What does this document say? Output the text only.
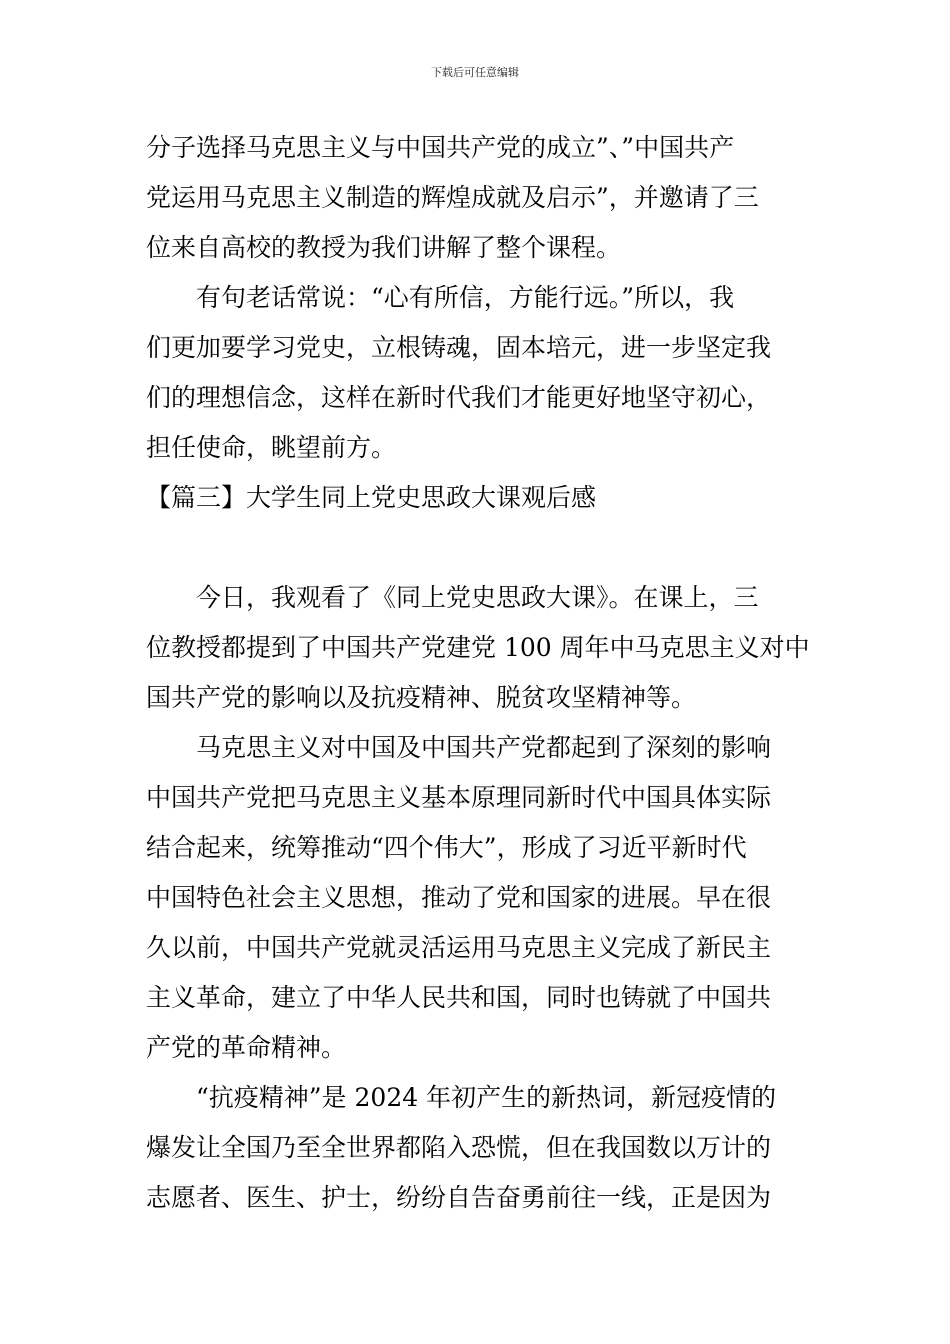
下载后可任意编辑
分子选择马克思主义与中国共产党的成立”、”中国共产
党运用马克思主义制造的辉煌成就及启示”，并邀请了三
位来自高校的教授为我们讲解了整个课程。
有句老话常说：“心有所信，方能行远。”所以，我
们更加要学习党史，立根铸魂，固本培元，进一步坚定我
们的理想信念，这样在新时代我们才能更好地坚守初心，
担任使命，眺望前方。
【篇三】大学生同上党史思政大课观后感
今日，我观看了《同上党史思政大课》。在课上，三
位教授都提到了中国共产党建党 100 周年中马克思主义对中
国共产党的影响以及抗疫精神、脱贫攻坚精神等。
马克思主义对中国及中国共产党都起到了深刻的影响
中国共产党把马克思主义基本原理同新时代中国具体实际
结合起来，统筹推动“四个伟大”，形成了习近平新时代
中国特色社会主义思想，推动了党和国家的进展。早在很
久以前，中国共产党就灵活运用马克思主义完成了新民主
主义革命，建立了中华人民共和国，同时也铸就了中国共
产党的革命精神。
“抗疫精神”是 2024 年初产生的新热词，新冠疫情的
爆发让全国乃至全世界都陷入恐慌，但在我国数以万计的
志愿者、医生、护士，纷纷自告奋勇前往一线，正是因为
